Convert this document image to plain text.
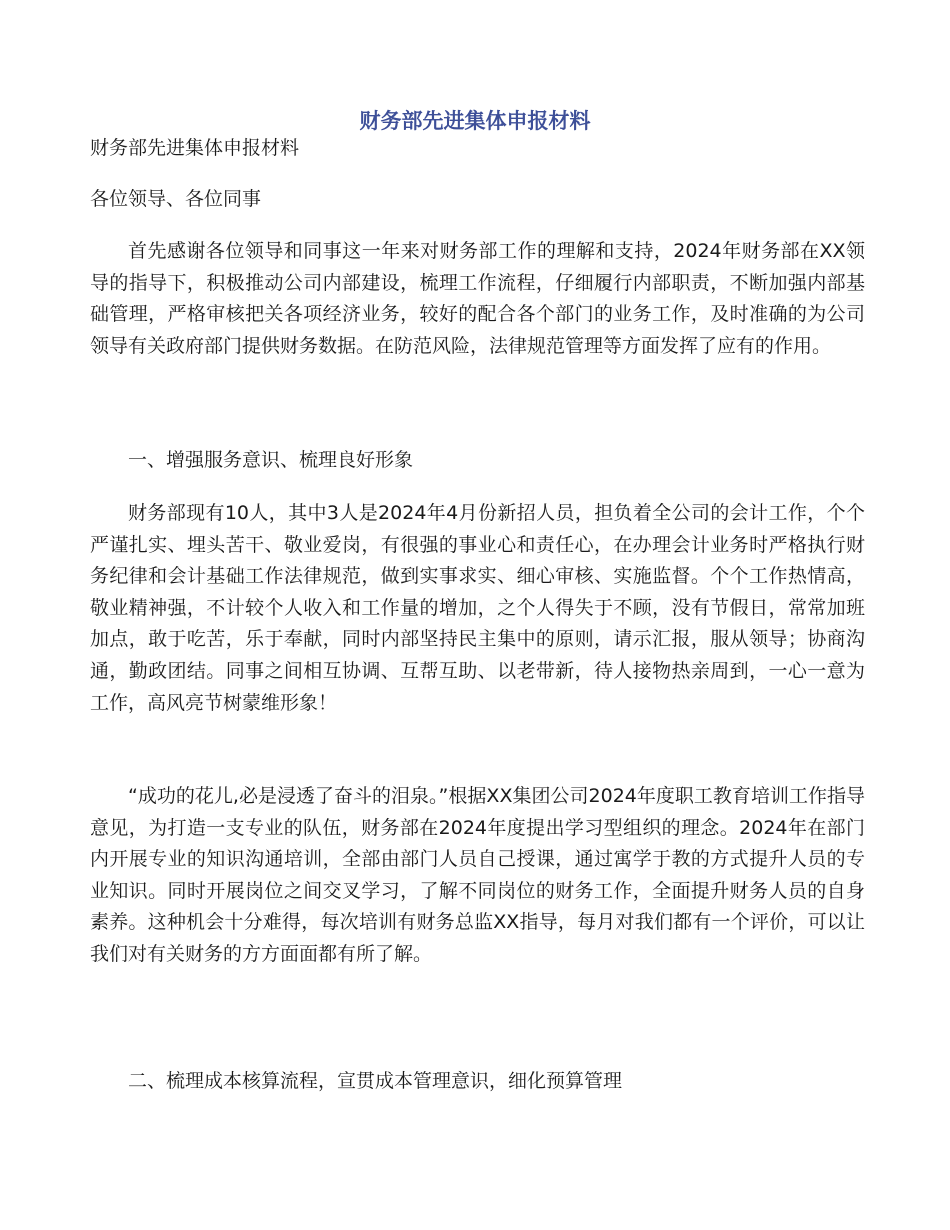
财务部先进集体申报材料

财务部先进集体申报材料

各位领导、各位同事

首先感谢各位领导和同事这一年来对财务部工作的理解和支持，2024年财务部在XX领导的指导下，积极推动公司内部建设，梳理工作流程，仔细履行内部职责，不断加强内部基础管理，严格审核把关各项经济业务，较好的配合各个部门的业务工作，及时准确的为公司领导有关政府部门提供财务数据。在防范风险，法律规范管理等方面发挥了应有的作用。

一、增强服务意识、梳理良好形象

财务部现有10人，其中3人是2024年4月份新招人员，担负着全公司的会计工作，个个严谨扎实、埋头苦干、敬业爱岗，有很强的事业心和责任心，在办理会计业务时严格执行财务纪律和会计基础工作法律规范，做到实事求实、细心审核、实施监督。个个工作热情高，敬业精神强，不计较个人收入和工作量的增加，之个人得失于不顾，没有节假日，常常加班加点，敢于吃苦，乐于奉献，同时内部坚持民主集中的原则，请示汇报，服从领导；协商沟通，勤政团结。同事之间相互协调、互帮互助、以老带新，待人接物热亲周到，一心一意为工作，高风亮节树蒙维形象！

“成功的花儿,必是浸透了奋斗的泪泉。”根据XX集团公司2024年度职工教育培训工作指导意见，为打造一支专业的队伍，财务部在2024年度提出学习型组织的理念。2024年在部门内开展专业的知识沟通培训，全部由部门人员自己授课，通过寓学于教的方式提升人员的专业知识。同时开展岗位之间交叉学习，了解不同岗位的财务工作，全面提升财务人员的自身素养。这种机会十分难得，每次培训有财务总监XX指导，每月对我们都有一个评价，可以让我们对有关财务的方方面面都有所了解。

二、梳理成本核算流程，宣贯成本管理意识，细化预算管理
